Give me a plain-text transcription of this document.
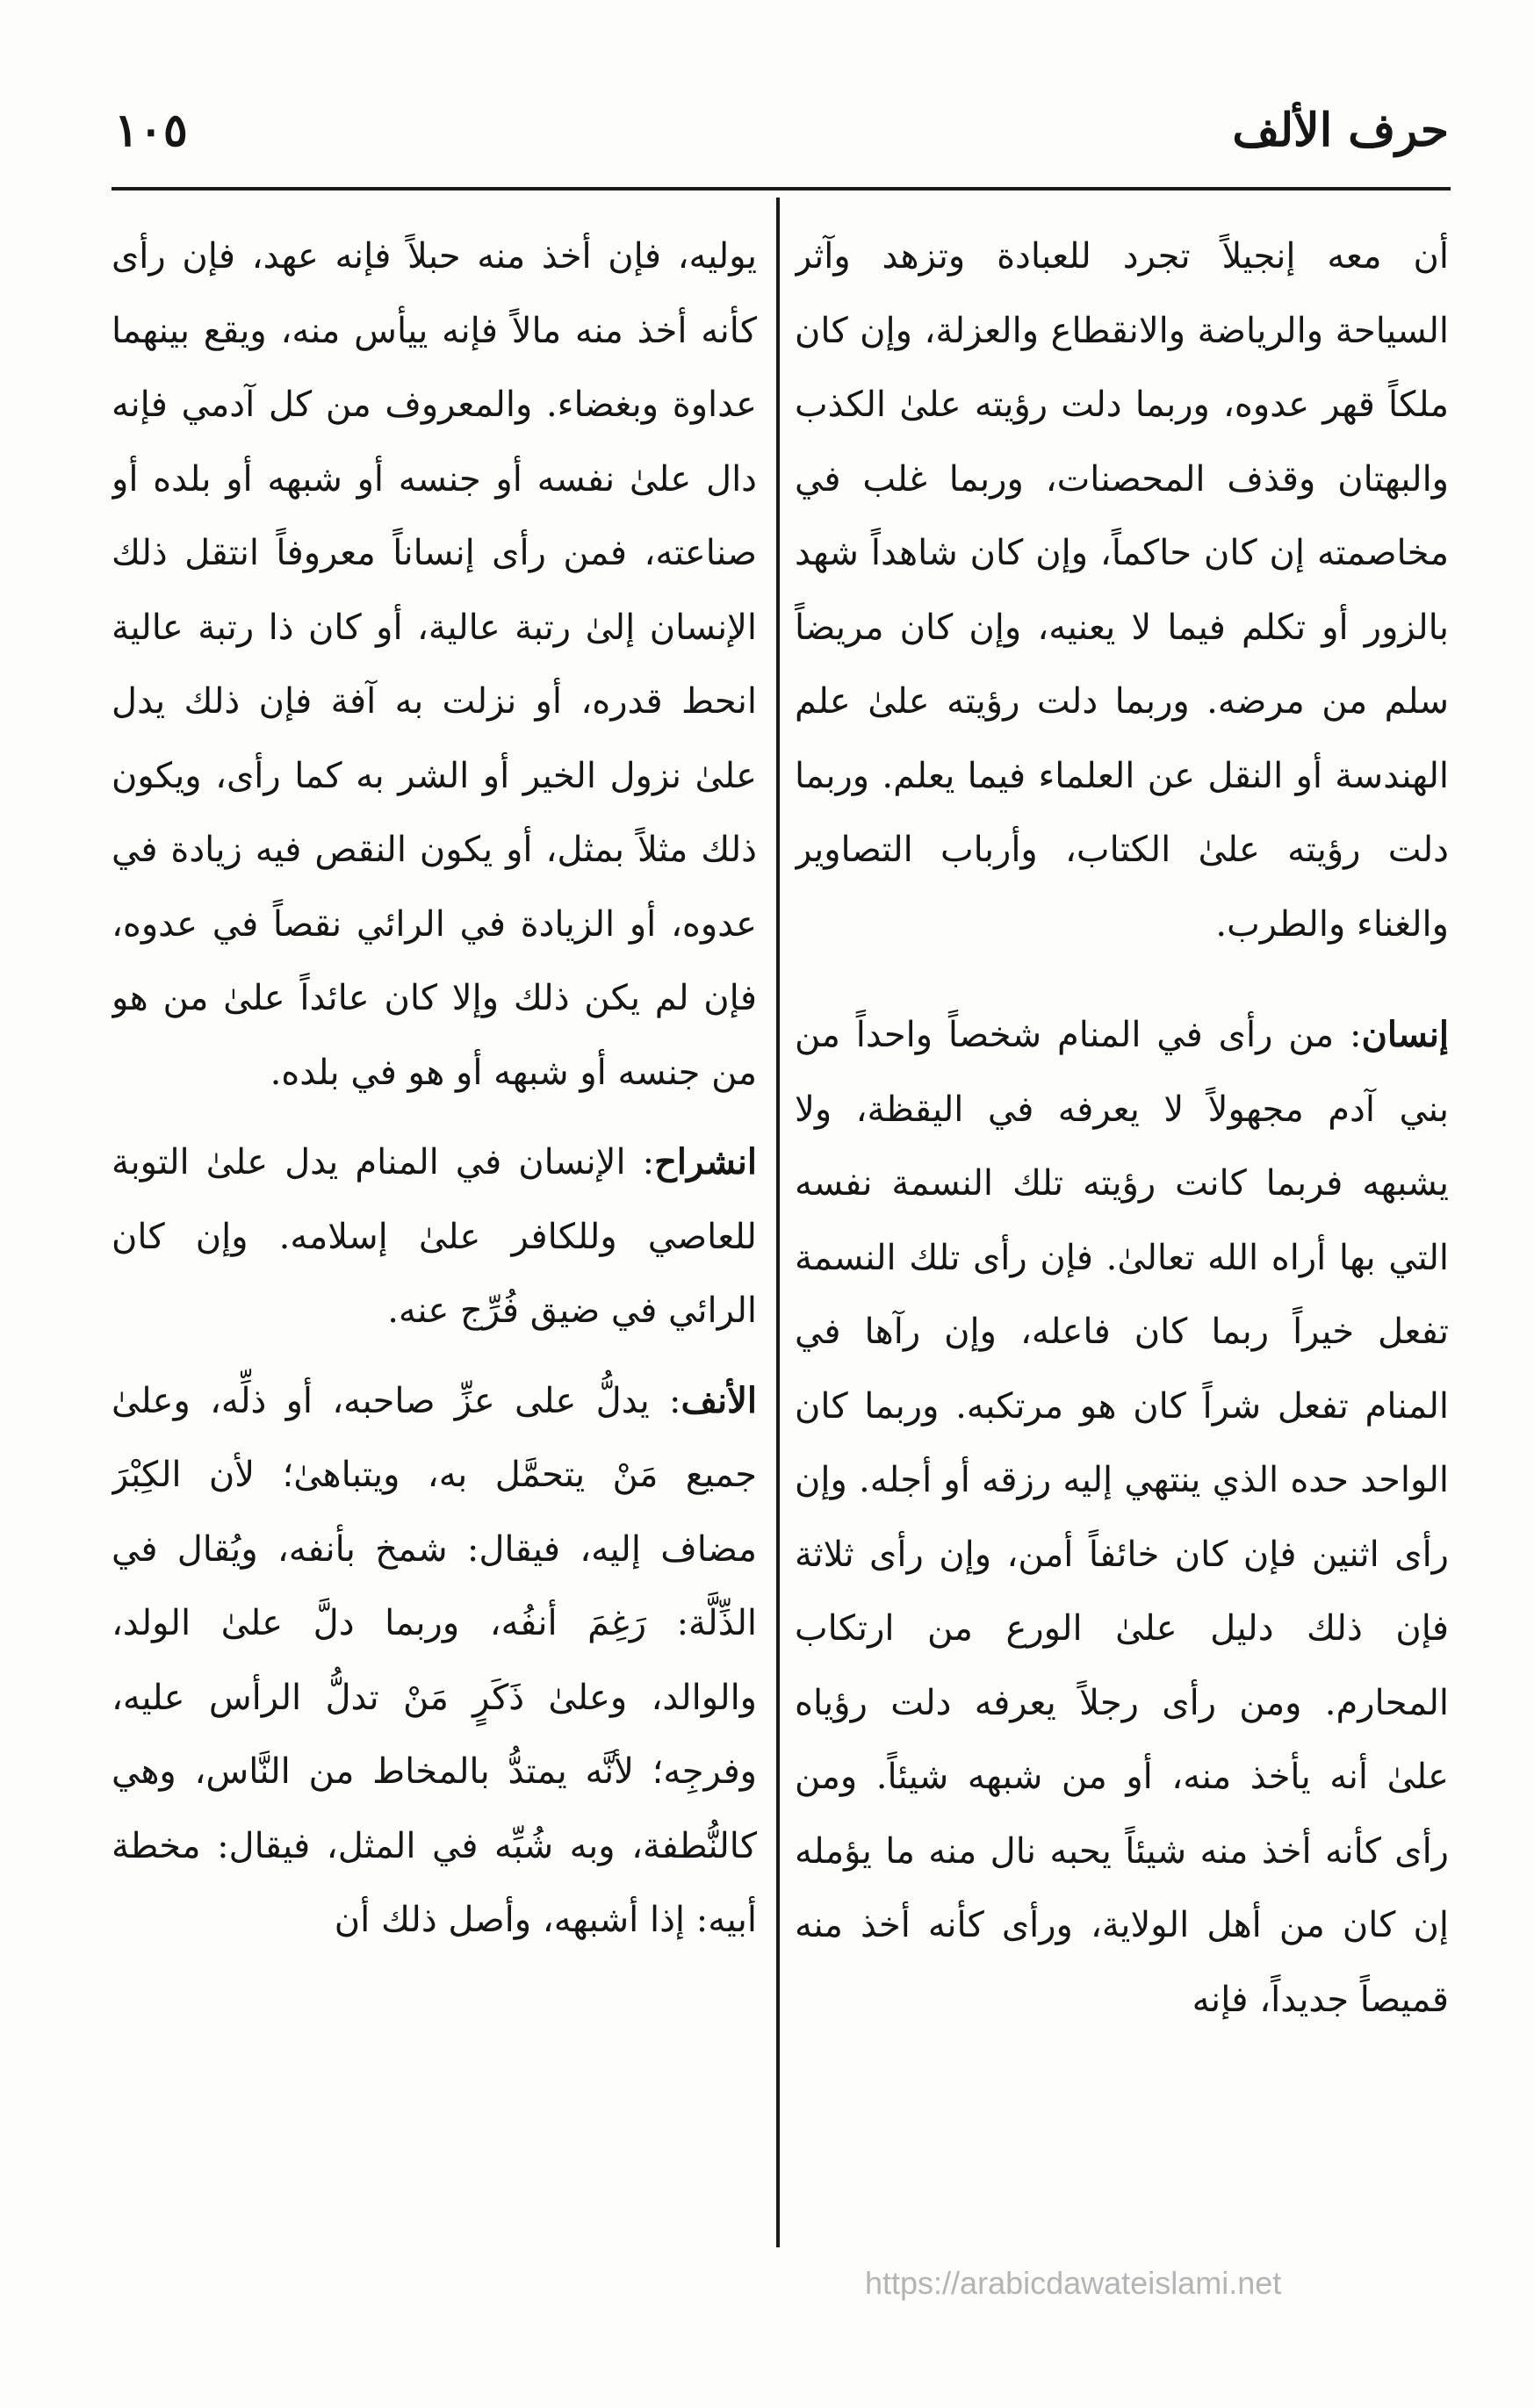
حرف الألف
١٠٥

أن معه إنجيلاً تجرد للعبادة وتزهد وآثر السياحة والرياضة والانقطاع والعزلة، وإن كان ملكاً قهر عدوه، وربما دلت رؤيته علىٰ الكذب والبهتان وقذف المحصنات، وربما غلب في مخاصمته إن كان حاكماً، وإن كان شاهداً شهد بالزور أو تكلم فيما لا يعنيه، وإن كان مريضاً سلم من مرضه. وربما دلت رؤيته علىٰ علم الهندسة أو النقل عن العلماء فيما يعلم. وربما دلت رؤيته علىٰ الكتاب، وأرباب التصاوير والغناء والطرب.

إنسان: من رأى في المنام شخصاً واحداً من بني آدم مجهولاً لا يعرفه في اليقظة، ولا يشبهه فربما كانت رؤيته تلك النسمة نفسه التي بها أراه الله تعالىٰ. فإن رأى تلك النسمة تفعل خيراً ربما كان فاعله، وإن رآها في المنام تفعل شراً كان هو مرتكبه. وربما كان الواحد حده الذي ينتهي إليه رزقه أو أجله. وإن رأى اثنين فإن كان خائفاً أمن، وإن رأى ثلاثة فإن ذلك دليل علىٰ الورع من ارتكاب المحارم. ومن رأى رجلاً يعرفه دلت رؤياه علىٰ أنه يأخذ منه، أو من شبهه شيئاً. ومن رأى كأنه أخذ منه شيئاً يحبه نال منه ما يؤمله إن كان من أهل الولاية، ورأى كأنه أخذ منه قميصاً جديداً، فإنه

يوليه، فإن أخذ منه حبلاً فإنه عهد، فإن رأى كأنه أخذ منه مالاً فإنه ييأس منه، ويقع بينهما عداوة وبغضاء. والمعروف من كل آدمي فإنه دال علىٰ نفسه أو جنسه أو شبهه أو بلده أو صناعته، فمن رأى إنساناً معروفاً انتقل ذلك الإنسان إلىٰ رتبة عالية، أو كان ذا رتبة عالية انحط قدره، أو نزلت به آفة فإن ذلك يدل علىٰ نزول الخير أو الشر به كما رأى، ويكون ذلك مثلاً بمثل، أو يكون النقص فيه زيادة في عدوه، أو الزيادة في الرائي نقصاً في عدوه، فإن لم يكن ذلك وإلا كان عائداً علىٰ من هو من جنسه أو شبهه أو هو في بلده.

انشراح: الإنسان في المنام يدل علىٰ التوبة للعاصي وللكافر علىٰ إسلامه. وإن كان الرائي في ضيق فُرِّج عنه.

الأنف: يدلُّ على عزِّ صاحبه، أو ذلِّه، وعلىٰ جميع مَنْ يتحمَّل به، ويتباهىٰ؛ لأن الكِبْرَ مضاف إليه، فيقال: شمخ بأنفه، ويُقال في الذِّلَّة: رَغِمَ أنفُه، وربما دلَّ علىٰ الولد، والوالد، وعلىٰ ذَكَرٍ مَنْ تدلُّ الرأس عليه، وفرجِه؛ لأنَّه يمتدُّ بالمخاط من النَّاس، وهي كالنُّطفة، وبه شُبِّه في المثل، فيقال: مخطة أبيه: إذا أشبهه، وأصل ذلك أن

https://arabicdawateislami.net
